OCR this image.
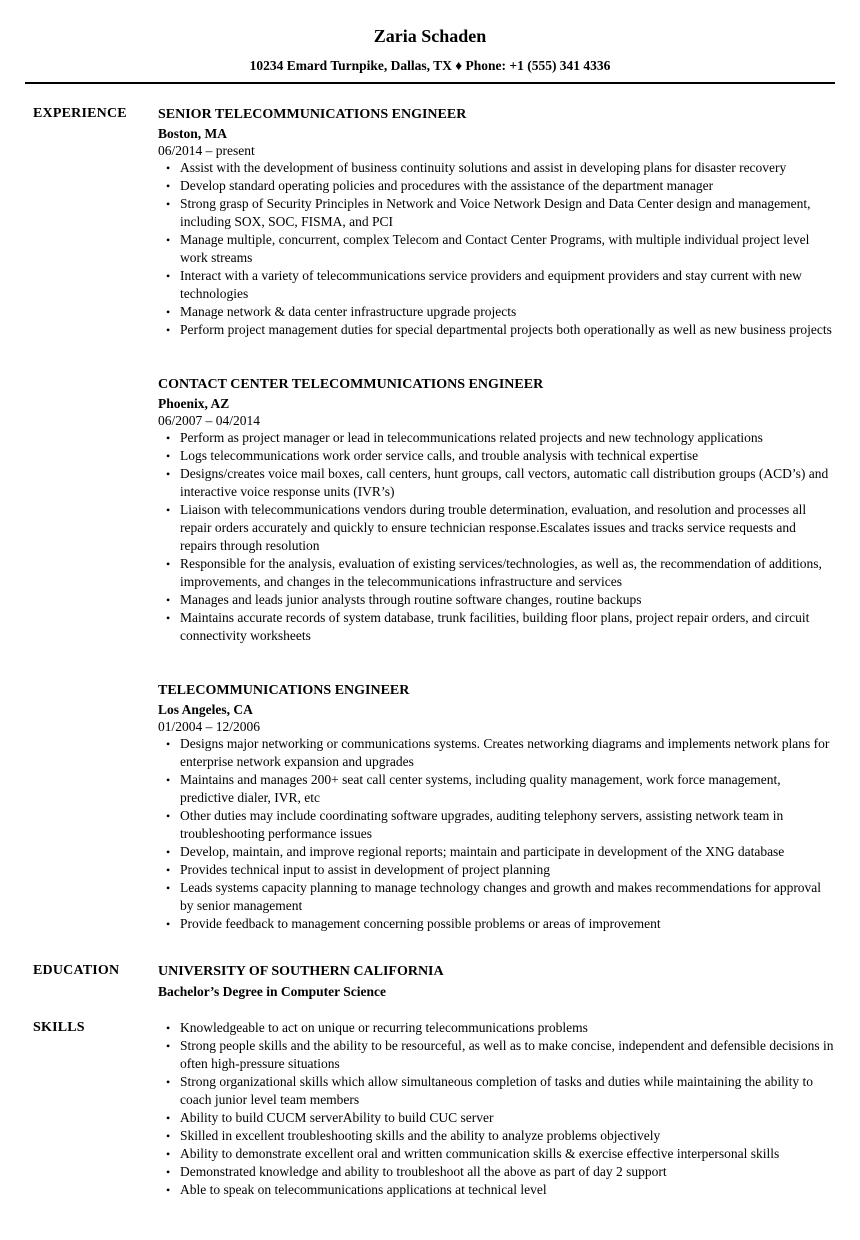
Zaria Schaden
10234 Emard Turnpike, Dallas, TX ♦ Phone: +1 (555) 341 4336
EXPERIENCE SENIOR TELECOMMUNICATIONS ENGINEER
Boston, MA
06/2014 – present
• Assist with the development of business continuity solutions and assist in developing plans for disaster recovery
• Develop standard operating policies and procedures with the assistance of the department manager
• Strong grasp of Security Principles in Network and Voice Network Design and Data Center design and management, including SOX, SOC, FISMA, and PCI
• Manage multiple, concurrent, complex Telecom and Contact Center Programs, with multiple individual project level work streams
• Interact with a variety of telecommunications service providers and equipment providers and stay current with new technologies
• Manage network & data center infrastructure upgrade projects
• Perform project management duties for special departmental projects both operationally as well as new business projects
CONTACT CENTER TELECOMMUNICATIONS ENGINEER
Phoenix, AZ
06/2007 – 04/2014
• Perform as project manager or lead in telecommunications related projects and new technology applications
• Logs telecommunications work order service calls, and trouble analysis with technical expertise
• Designs/creates voice mail boxes, call centers, hunt groups, call vectors, automatic call distribution groups (ACD’s) and interactive voice response units (IVR’s)
• Liaison with telecommunications vendors during trouble determination, evaluation, and resolution and processes all repair orders accurately and quickly to ensure technician response.Escalates issues and tracks service requests and repairs through resolution
• Responsible for the analysis, evaluation of existing services/technologies, as well as, the recommendation of additions, improvements, and changes in the telecommunications infrastructure and services
• Manages and leads junior analysts through routine software changes, routine backups
• Maintains accurate records of system database, trunk facilities, building floor plans, project repair orders, and circuit connectivity worksheets
TELECOMMUNICATIONS ENGINEER
Los Angeles, CA
01/2004 – 12/2006
• Designs major networking or communications systems. Creates networking diagrams and implements network plans for enterprise network expansion and upgrades
• Maintains and manages 200+ seat call center systems, including quality management, work force management, predictive dialer, IVR, etc
• Other duties may include coordinating software upgrades, auditing telephony servers, assisting network team in troubleshooting performance issues
• Develop, maintain, and improve regional reports; maintain and participate in development of the XNG database
• Provides technical input to assist in development of project planning
• Leads systems capacity planning to manage technology changes and growth and makes recommendations for approval by senior management
• Provide feedback to management concerning possible problems or areas of improvement
EDUCATION	UNIVERSITY OF SOUTHERN CALIFORNIA
Bachelor’s Degree in Computer Science
SKILLS	• Knowledgeable to act on unique or recurring telecommunications problems
• Strong people skills and the ability to be resourceful, as well as to make concise, independent and defensible decisions in often high-pressure situations
• Strong organizational skills which allow simultaneous completion of tasks and duties while maintaining the ability to coach junior level team members
• Ability to build CUCM serverAbility to build CUC server
• Skilled in excellent troubleshooting skills and the ability to analyze problems objectively
• Ability to demonstrate excellent oral and written communication skills & exercise effective interpersonal skills
• Demonstrated knowledge and ability to troubleshoot all the above as part of day 2 support
• Able to speak on telecommunications applications at technical level
